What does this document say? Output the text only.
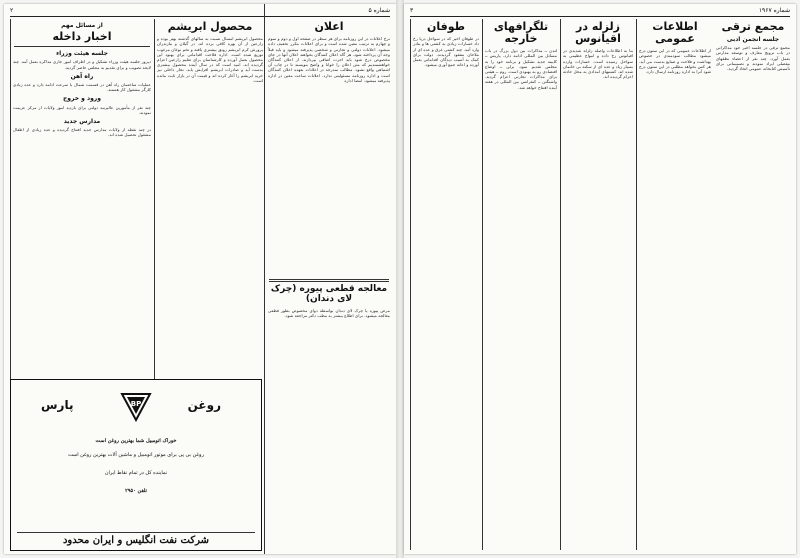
۲	شماره ۵
اعلان

نرخ اعلانات در این روزنامه برای هر سطر در صفحه اول و دوم و سوم و چهارم به ترتیب معین شده است و برای اعلانات مکرر تخفیف داده میشود. اعلانات دولتی و تجارتی و شخصی پذیرفته میشود و باید قبلاً وجه آن پرداخته شود. هر گاه اعلان کنندگان بخواهند اعلان آنها در جای مخصوص درج شود باید اجرت اضافی بپردازند. از اعلان کنندگان خواهشمندیم که متن اعلان را خوانا و واضح بنویسند تا در چاپ آن اشتباهی واقع نشود. مطالب مندرجه در اعلانات بعهده اعلان کنندگان است و اداره روزنامه مسئولیتی ندارد. اعلانات ساعت معین در اداره پذیرفته میشود. امضا اداره

معالجه قطعی پیوره (چرک لای دندان)

مرض پیوره یا چرک لای دندان بواسطه دوای مخصوص بطور قطعی معالجه میشود. برای اطلاع بیشتر به مطب دکتر مراجعه شود.

محصول ابریشم

محصول ابریشم امسال نسبت به سالهای گذشته بهتر بوده و زارعین از آن بهره کافی برده اند. در گیلان و مازندران پرورش کرم ابریشم رونق بیشتری یافته و تخم نوغان مرغوب توزیع شده است. اداره فلاحت اقداماتی برای بهبود این محصول بعمل آورده و کارشناسان برای تعلیم زارعین اعزام گردیده اند. امید است که در سال آینده محصول بیشتری بدست آید و صادرات ابریشم افزایش یابد. تجار داخلی نیز خرید ابریشم را آغاز کرده اند و قیمت آن در بازار ثابت مانده است.

از مسائل مهم
اخبار داخله
جلسه هیئت وزراء

دیروز جلسه هیئت وزراء تشکیل و در اطراف امور جاری مذاکره بعمل آمد. چند لایحه تصویب و برای تقدیم به مجلس حاضر گردید.

راه آهن

عملیات ساختمان راه آهن در قسمت شمال با سرعت ادامه دارد و عده زیادی کارگر مشغول کار هستند.

ورود و خروج

چند نفر از مأمورین عالیرتبه دولتی برای بازدید امور ولایات از مرکز عزیمت نمودند.

مدارس جدید

در چند نقطه از ولایات مدارس جدید افتتاح گردیده و عده زیادی از اطفال مشغول تحصیل شده اند.

BP	روغن
پارس
خوراک اتومبیل شما بهترین روغن است
روغن بی پی برای موتور اتومبیل و ماشین آلات بهترین روغن است
نماینده کل در تمام نقاط ایران
تلفن ۲۹۵۰
شرکت نفت انگلیس و ایران محدود
۳	شماره ۱۹۶۷
مجمع ترقی
جلسه انجمن ادبی

مجمع ترقی در جلسه اخیر خود مذاکراتی در باب ترویج معارف و توسعه مدارس بعمل آورد. چند نفر از اعضاء نطقهای مفصلی ایراد نمودند و تصمیماتی برای تأسیس کتابخانه عمومی اتخاذ گردید.

اطلاعات عمومی

از اطلاعات عمومی که در این ستون درج میشود مطالب سودمندی در خصوص بهداشت و فلاحت و صنایع بدست می آید. هر کس بخواهد مطلبی در این ستون درج شود آنرا به اداره روزنامه ارسال دارد.

زلزله در اقیانوس

بنا به اطلاعات واصله زلزله شدیدی در اقیانوس رخ داده و امواج عظیمی به سواحل رسیده است. خسارات وارده بسیار زیاد و عده ای از سکنه بی خانمان شده اند. کشتیهای امدادی به محل حادثه اعزام گردیده اند.

تلگرافهای خارجه

لندن ــ مذاکرات بین دول بزرگ در باب مسائل بین المللی ادامه دارد. پاریس ــ کابینه جدید تشکیل و برنامه خود را به مجلس تقدیم نمود. برلن ــ اوضاع اقتصادی رو به بهبودی است. روم ــ هیئتی برای مذاکرات تجارتی اعزام گردید. واشنگتن ــ کنفرانس بین المللی در هفته آینده افتتاح خواهد شد.

طوفان

در طوفان اخیر که در سواحل دریا رخ داد خسارات زیادی به کشتی ها و بنادر وارد آمد. چند کشتی غرق و عده ای از ملاحان مفقود گردیدند. دولت برای کمک به آسیب دیدگان اقداماتی بعمل آورده و اعانه جمع آوری میشود.
